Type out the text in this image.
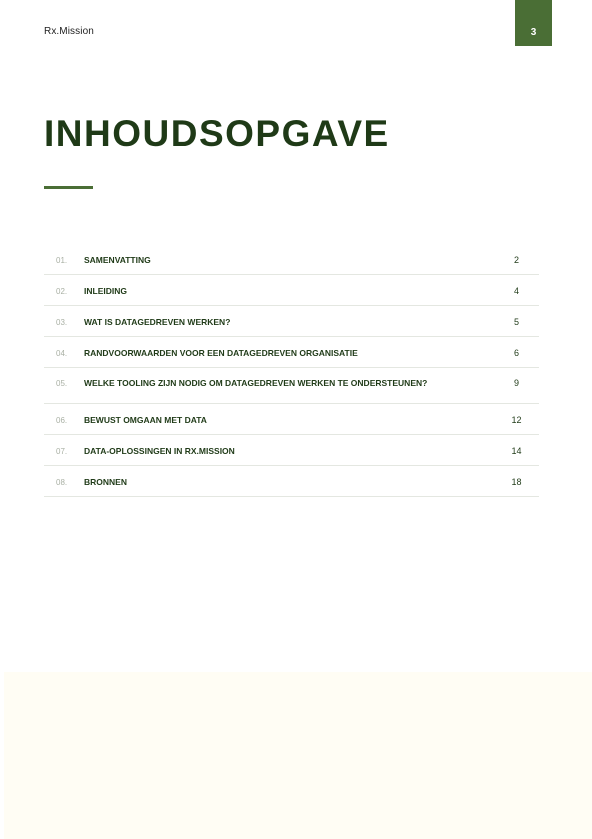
Rx.Mission	3
INHOUDSOPGAVE
01. SAMENVATTING	2
02. INLEIDING	4
03. WAT IS DATAGEDREVEN WERKEN?	5
04. RANDVOORWAARDEN VOOR EEN DATAGEDREVEN ORGANISATIE	6
05. WELKE TOOLING ZIJN NODIG OM DATAGEDREVEN WERKEN TE ONDERSTEUNEN?	9
06. BEWUST OMGAAN MET DATA	12
07. DATA-OPLOSSINGEN IN RX.MISSION	14
08. BRONNEN	18
